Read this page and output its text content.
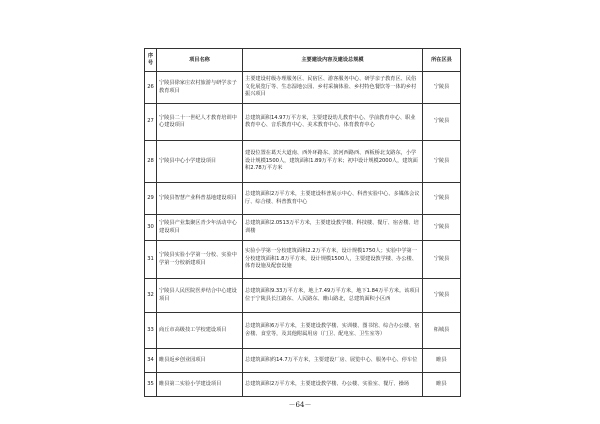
序号	项目名称	主要建设内容及建设总规模	所在区县
26	宁陵县徐家庄农村旅游与研学亲子教育项目	主要建设村级办理服务区、民宿区、游客服务中心、研学亲子教育区、民俗文化展览厅等、生态湿地公园、乡村采摘体验、乡村特色餐饮等一体的乡村振兴项目	宁陵县
27	宁陵县二十一世纪人才教育培训中心建设项目	总建筑面积14.97万平方米，主要建设幼儿教育中心、学前教育中心、职业教育中心、音乐教育中心、美术教育中心、体育教育中心	宁陵县
28	宁陵县中心小学建设项目	建设位置在葛天大道南、西外环路东、滨河西路西、西板桥北支路东，小学设计规模1500人，建筑面积1.89万平方米；初中设计规模2000人，建筑面积2.78万平方米	宁陵县
29	宁陵县智慧产业科普基地建设项目	总建筑面积2万平方米，主要建设科普展示中心、科普实验中心、多媒体会议厅、综合楼、科普教育中心	宁陵县
30	宁陵县产业集聚区青少年活动中心建设项目	总建筑面积2.0513万平方米，主要建设教学楼、科技楼、餐厅、宿舍楼、培训楼	宁陵县
31	宁陵县实验小学第一分校、实验中学第一分校新建项目	实验小学第一分校建筑面积2.2万平方米，设计规模1750人；实验中学第一分校建筑面积1.8万平方米，设计规模1500人，主要建设教学楼、办公楼、体育设施及配套设施	宁陵县
32	宁陵县人民医院医养结合中心建设项目	总建筑面积9.33万平方米，地上7.49万平方米，地下1.84万平方米。该项目位于宁陵县长江路东、人民路东、睢山路北，总建筑面积小区西	宁陵县
33	商丘市高级技工学校建设项目	总建筑面积6万平方米，主要建设教学楼、实训楼、图书馆、综合办公楼、宿舍楼、食堂等，及其他附属用房（门卫、配电室、卫生室等）	柘城县
34	睢县返乡创业园项目	总建筑面积约14.7万平方米，主要建设厂房、展览中心、服务中心、停车位	睢县
35	睢县第二实验小学建设项目	总建筑面积2万平方米，主要建设教学楼、办公楼、实验室、餐厅、操场	睢县
－64－
